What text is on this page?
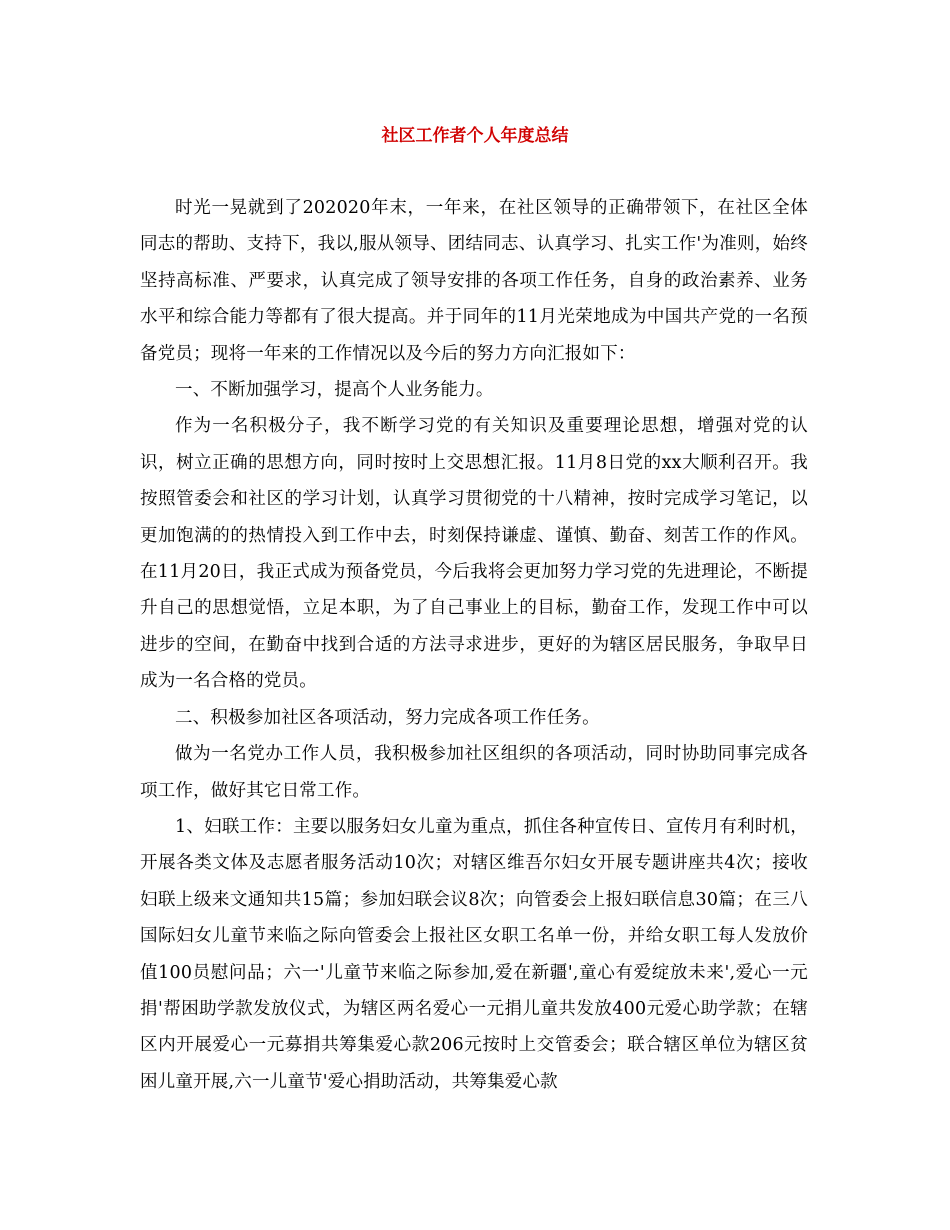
社区工作者个人年度总结

时光一晃就到了202020年末，一年来，在社区领导的正确带领下，在社区全体同志的帮助、支持下，我以,服从领导、团结同志、认真学习、扎实工作'为准则，始终坚持高标准、严要求，认真完成了领导安排的各项工作任务，自身的政治素养、业务水平和综合能力等都有了很大提高。并于同年的11月光荣地成为中国共产党的一名预备党员；现将一年来的工作情况以及今后的努力方向汇报如下：

一、不断加强学习，提高个人业务能力。

作为一名积极分子，我不断学习党的有关知识及重要理论思想，增强对党的认识，树立正确的思想方向，同时按时上交思想汇报。11月8日党的xx大顺利召开。我按照管委会和社区的学习计划，认真学习贯彻党的十八精神，按时完成学习笔记，以更加饱满的的热情投入到工作中去，时刻保持谦虚、谨慎、勤奋、刻苦工作的作风。在11月20日，我正式成为预备党员，今后我将会更加努力学习党的先进理论，不断提升自己的思想觉悟，立足本职，为了自己事业上的目标，勤奋工作，发现工作中可以进步的空间，在勤奋中找到合适的方法寻求进步，更好的为辖区居民服务，争取早日成为一名合格的党员。

二、积极参加社区各项活动，努力完成各项工作任务。

做为一名党办工作人员，我积极参加社区组织的各项活动，同时协助同事完成各项工作，做好其它日常工作。

1、妇联工作：主要以服务妇女儿童为重点，抓住各种宣传日、宣传月有利时机，开展各类文体及志愿者服务活动10次；对辖区维吾尔妇女开展专题讲座共4次；接收妇联上级来文通知共15篇；参加妇联会议8次；向管委会上报妇联信息30篇；在三八国际妇女儿童节来临之际向管委会上报社区女职工名单一份，并给女职工每人发放价值100员慰问品；六一'儿童节来临之际参加,爱在新疆',童心有爱绽放未来',爱心一元捐'帮困助学款发放仪式，为辖区两名爱心一元捐儿童共发放400元爱心助学款；在辖区内开展爱心一元募捐共筹集爱心款206元按时上交管委会；联合辖区单位为辖区贫困儿童开展,六一儿童节'爱心捐助活动，共筹集爱心款
